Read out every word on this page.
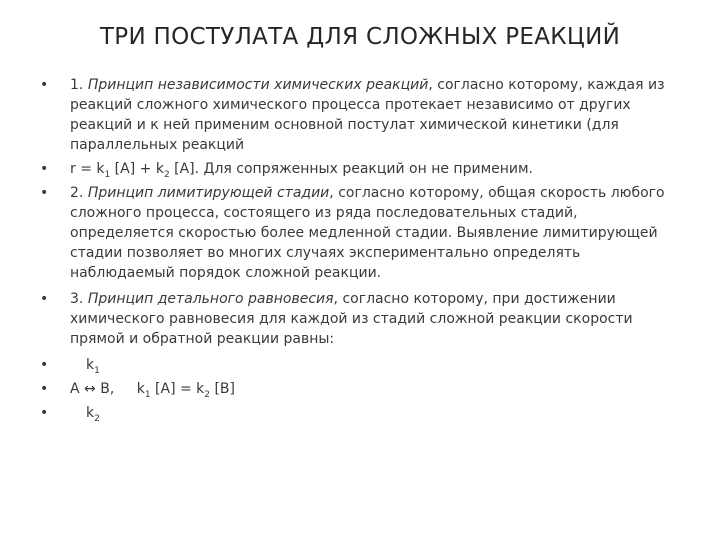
ТРИ ПОСТУЛАТА ДЛЯ СЛОЖНЫХ РЕАКЦИЙ
• 1. Принцип независимости химических реакций, согласно которому, каждая из реакций сложного химического процесса протекает независимо от других реакций и к ней применим основной постулат химической кинетики (для параллельных реакций
• $r = k_1$ $[A] + k_2$ [A]. Для сопряженных реакций он не применим.
• 2. Принцип лимитирующей стадии, согласно которому, общая скорость любого сложного процесса, состоящего из ряда последовательных стадий, определяется скоростью более медленной стадии. Выявление лимитирующей стадии позволяет во многих случаях экспериментально определять наблюдаемый порядок сложной реакции.
• 3. Принцип детального равновесия, согласно которому, при достижении химического равновесия для каждой из стадий сложной реакции скорости прямой и обратной реакции равны:
•	$k_1$
• A ↔ B, $k_1$ $[A] = k_2$ [B]
•	$k_2$
